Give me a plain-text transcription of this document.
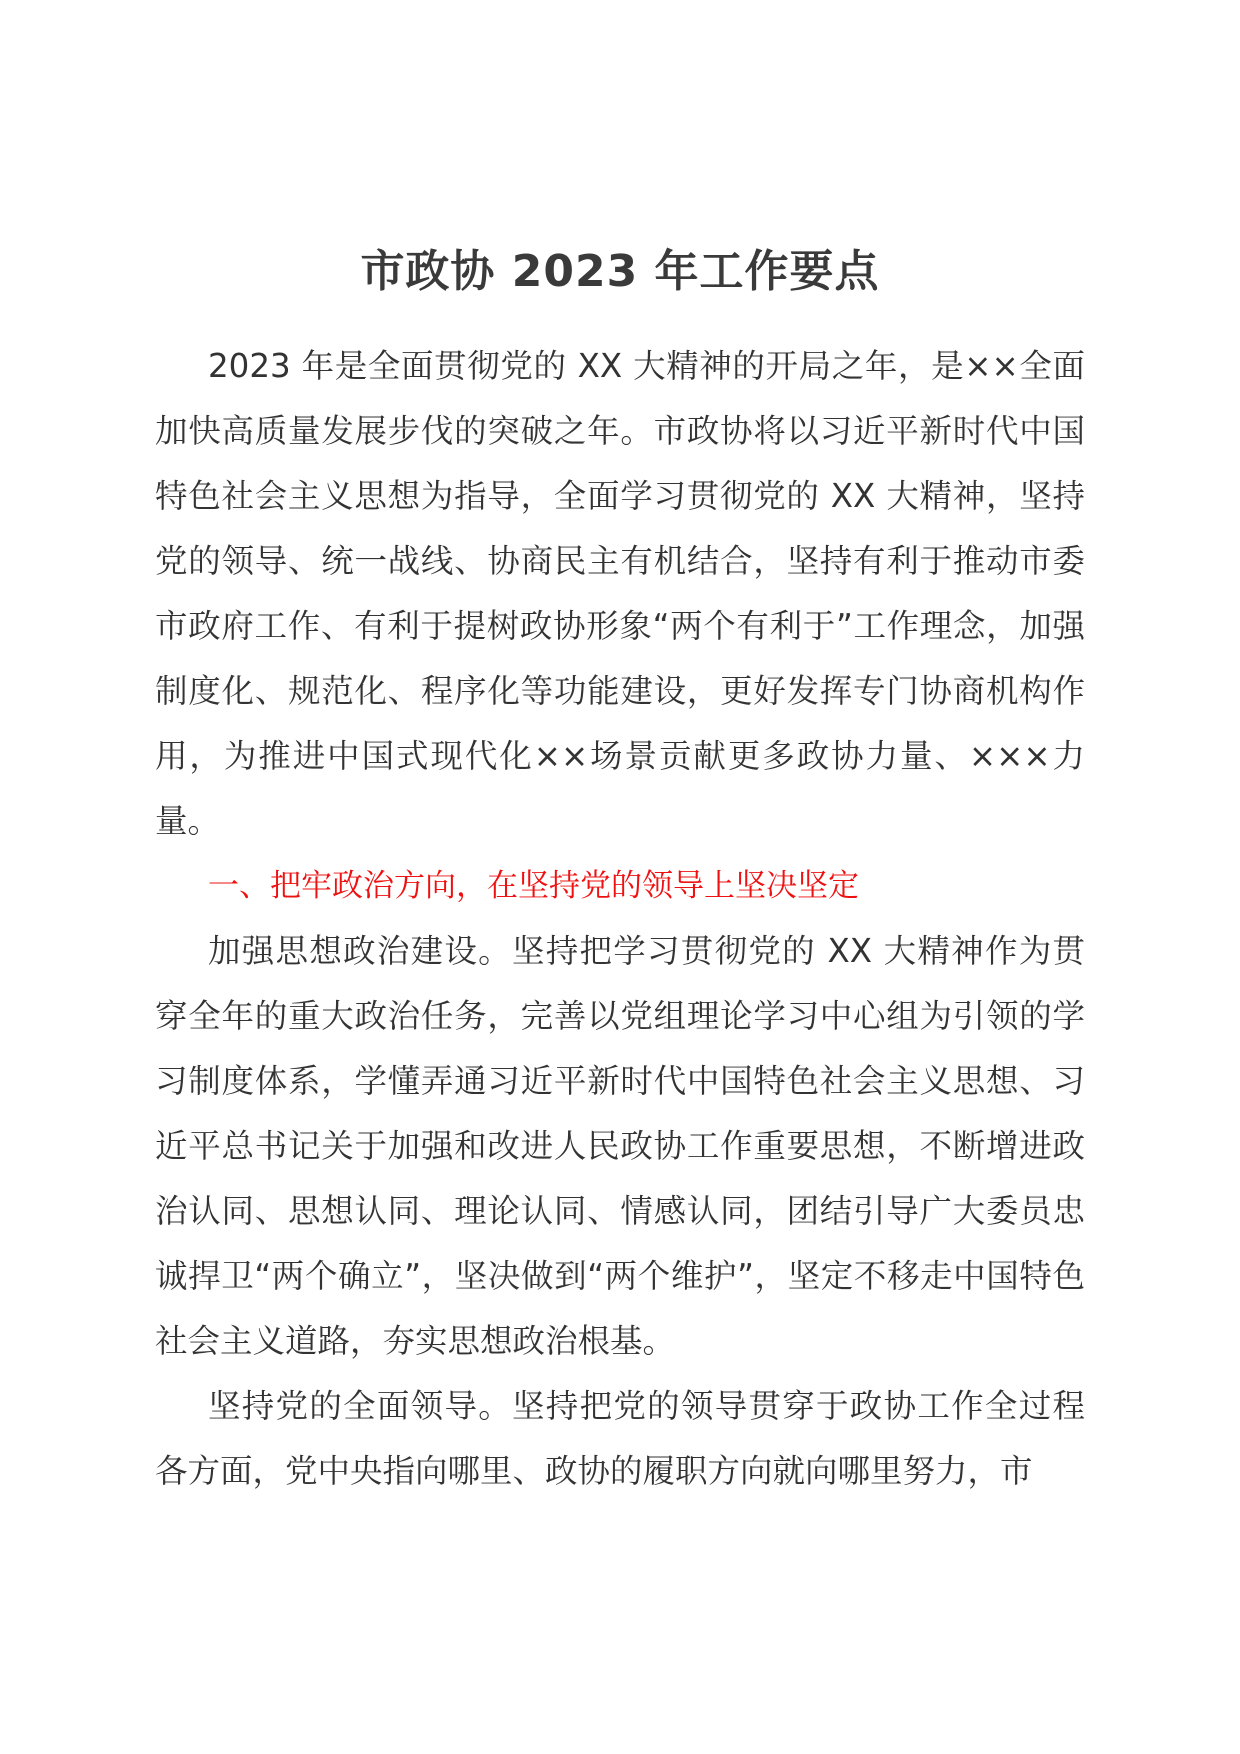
市政协 2023 年工作要点

2023 年是全面贯彻党的 XX 大精神的开局之年，是××全面加快高质量发展步伐的突破之年。市政协将以习近平新时代中国特色社会主义思想为指导，全面学习贯彻党的 XX 大精神，坚持党的领导、统一战线、协商民主有机结合，坚持有利于推动市委市政府工作、有利于提树政协形象“两个有利于”工作理念，加强制度化、规范化、程序化等功能建设，更好发挥专门协商机构作用，为推进中国式现代化××场景贡献更多政协力量、×××力量。

一、把牢政治方向，在坚持党的领导上坚决坚定

加强思想政治建设。坚持把学习贯彻党的 XX 大精神作为贯穿全年的重大政治任务，完善以党组理论学习中心组为引领的学习制度体系，学懂弄通习近平新时代中国特色社会主义思想、习近平总书记关于加强和改进人民政协工作重要思想，不断增进政治认同、思想认同、理论认同、情感认同，团结引导广大委员忠诚捍卫“两个确立”，坚决做到“两个维护”，坚定不移走中国特色社会主义道路，夯实思想政治根基。

坚持党的全面领导。坚持把党的领导贯穿于政协工作全过程各方面，党中央指向哪里、政协的履职方向就向哪里努力，市
